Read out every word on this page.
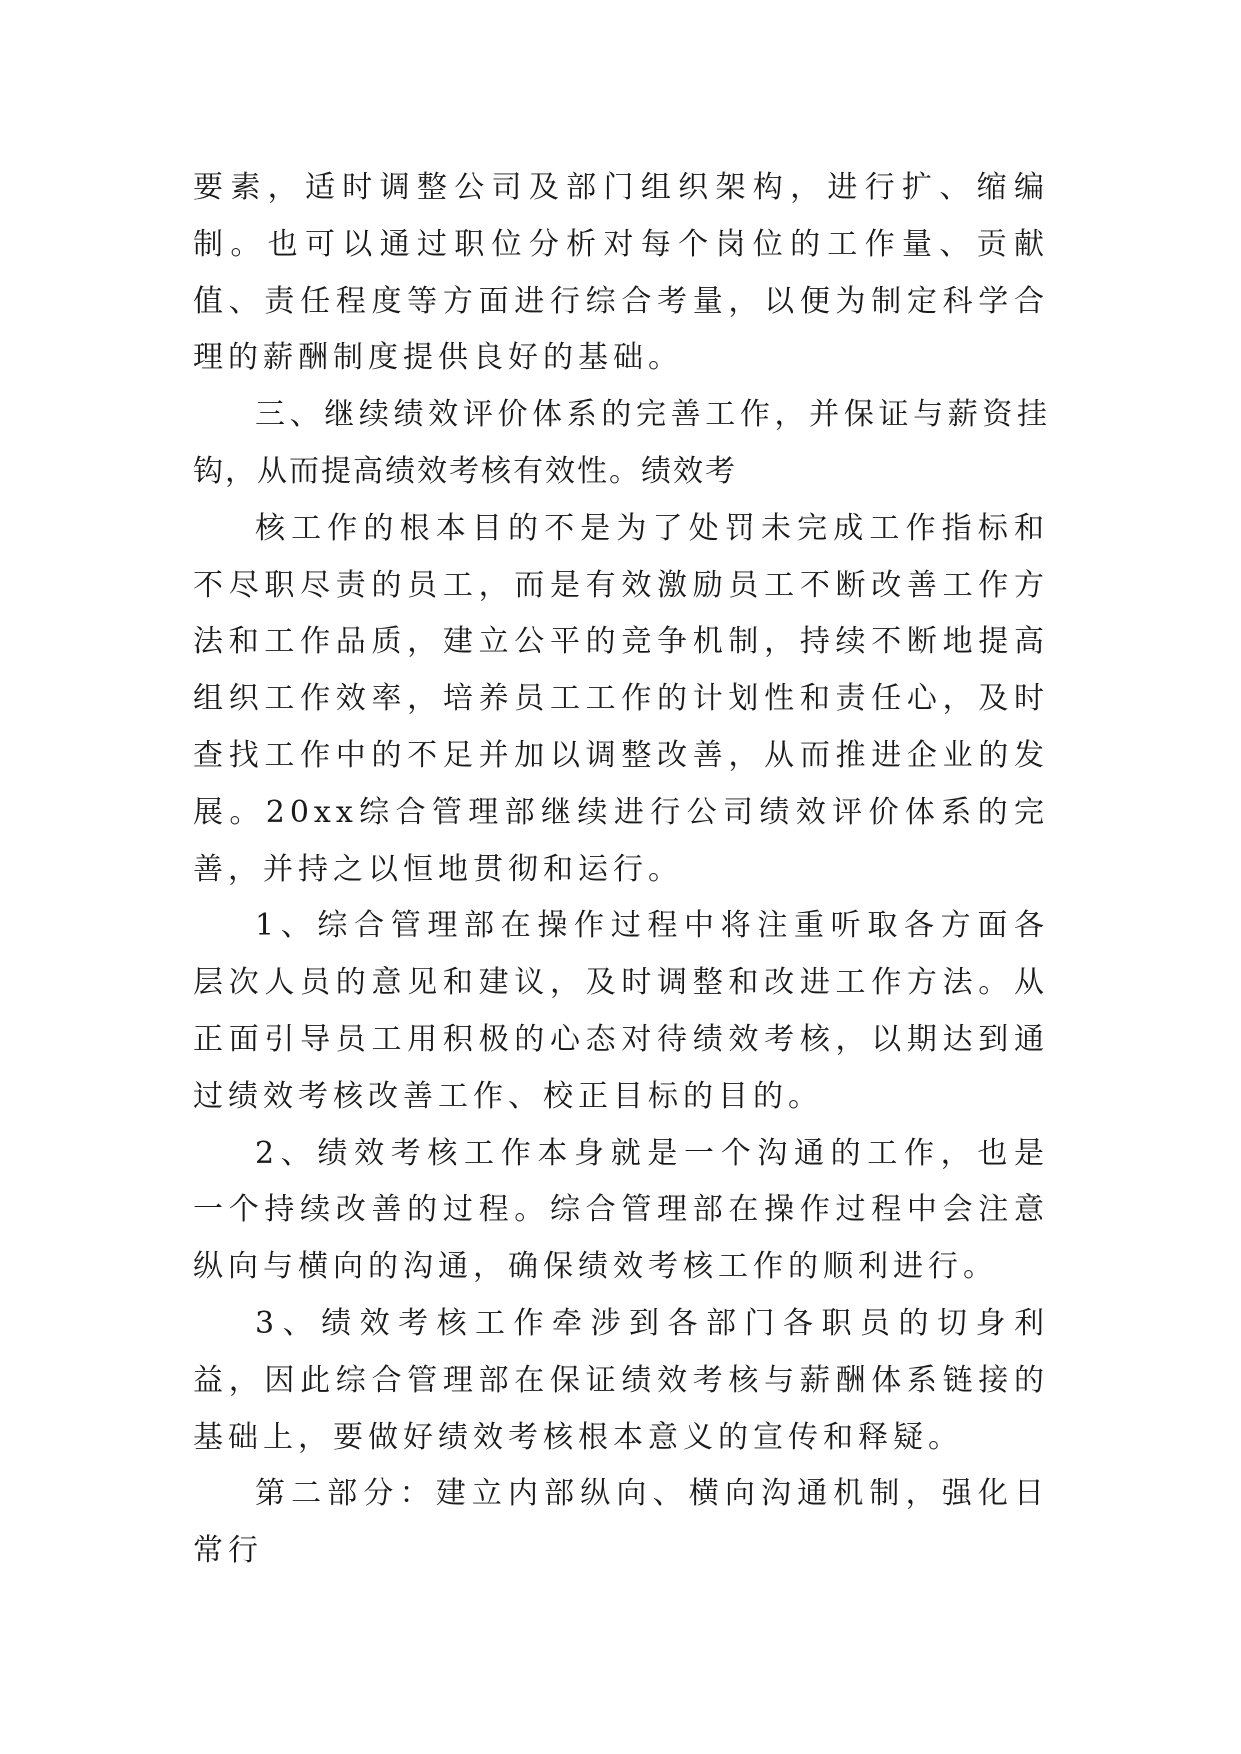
要素，适时调整公司及部门组织架构，进行扩、缩编制。也可以通过职位分析对每个岗位的工作量、贡献值、责任程度等方面进行综合考量，以便为制定科学合理的薪酬制度提供良好的基础。

三、继续绩效评价体系的完善工作，并保证与薪资挂钩，从而提高绩效考核有效性。绩效考

核工作的根本目的不是为了处罚未完成工作指标和不尽职尽责的员工，而是有效激励员工不断改善工作方法和工作品质，建立公平的竞争机制，持续不断地提高组织工作效率，培养员工工作的计划性和责任心，及时查找工作中的不足并加以调整改善，从而推进企业的发展。20xx综合管理部继续进行公司绩效评价体系的完善，并持之以恒地贯彻和运行。

1、综合管理部在操作过程中将注重听取各方面各层次人员的意见和建议，及时调整和改进工作方法。从正面引导员工用积极的心态对待绩效考核，以期达到通过绩效考核改善工作、校正目标的目的。

2、绩效考核工作本身就是一个沟通的工作，也是一个持续改善的过程。综合管理部在操作过程中会注意纵向与横向的沟通，确保绩效考核工作的顺利进行。

3、绩效考核工作牵涉到各部门各职员的切身利益，因此综合管理部在保证绩效考核与薪酬体系链接的基础上，要做好绩效考核根本意义的宣传和释疑。

第二部分：建立内部纵向、横向沟通机制，强化日常行
